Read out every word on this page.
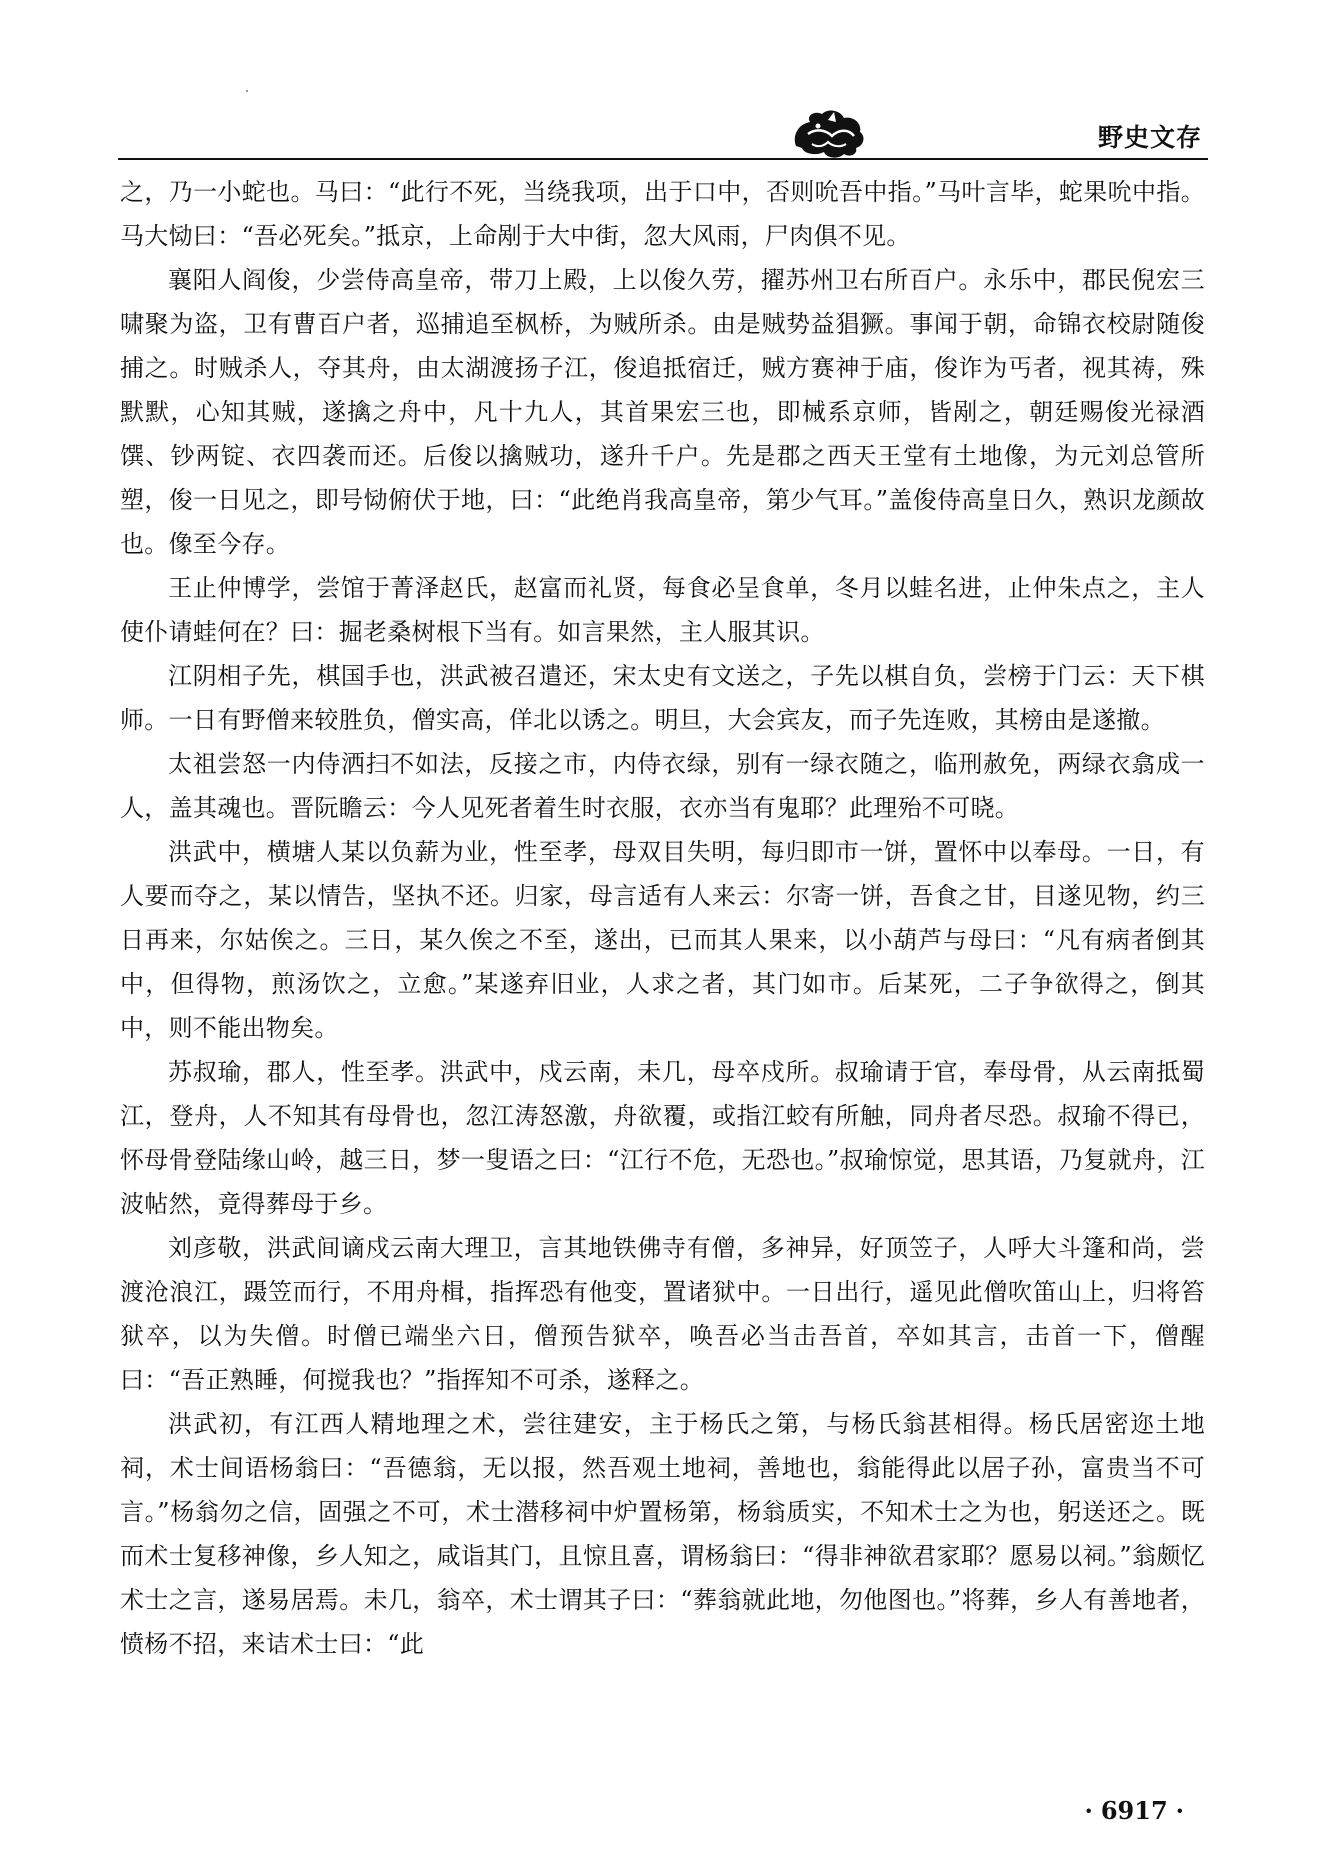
野史文存

之，乃一小蛇也。马曰：“此行不死，当绕我项，出于口中，否则吮吾中指。”马叶言毕，蛇果吮中指。马大恸曰：“吾必死矣。”抵京，上命剐于大中街，忽大风雨，尸肉俱不见。

襄阳人阎俊，少尝侍高皇帝，带刀上殿，上以俊久劳，擢苏州卫右所百户。永乐中，郡民倪宏三啸聚为盗，卫有曹百户者，巡捕追至枫桥，为贼所杀。由是贼势益猖獗。事闻于朝，命锦衣校尉随俊捕之。时贼杀人，夺其舟，由太湖渡扬子江，俊追抵宿迁，贼方赛神于庙，俊诈为丐者，视其祷，殊默默，心知其贼，遂擒之舟中，凡十九人，其首果宏三也，即械系京师，皆剐之，朝廷赐俊光禄酒馔、钞两锭、衣四袭而还。后俊以擒贼功，遂升千户。先是郡之西天王堂有土地像，为元刘总管所塑，俊一日见之，即号恸俯伏于地，曰：“此绝肖我高皇帝，第少气耳。”盖俊侍高皇日久，熟识龙颜故也。像至今存。

王止仲博学，尝馆于菁泽赵氏，赵富而礼贤，每食必呈食单，冬月以蛙名进，止仲朱点之，主人使仆请蛙何在？曰：掘老桑树根下当有。如言果然，主人服其识。

江阴相子先，棋国手也，洪武被召遣还，宋太史有文送之，子先以棋自负，尝榜于门云：天下棋师。一日有野僧来较胜负，僧实高，佯北以诱之。明旦，大会宾友，而子先连败，其榜由是遂撤。

太祖尝怒一内侍洒扫不如法，反接之市，内侍衣绿，别有一绿衣随之，临刑赦免，两绿衣翕成一人，盖其魂也。晋阮瞻云：今人见死者着生时衣服，衣亦当有鬼耶？此理殆不可晓。

洪武中，横塘人某以负薪为业，性至孝，母双目失明，每归即市一饼，置怀中以奉母。一日，有人要而夺之，某以情告，坚执不还。归家，母言适有人来云：尔寄一饼，吾食之甘，目遂见物，约三日再来，尔姑俟之。三日，某久俟之不至，遂出，已而其人果来，以小葫芦与母曰：“凡有病者倒其中，但得物，煎汤饮之，立愈。”某遂弃旧业，人求之者，其门如市。后某死，二子争欲得之，倒其中，则不能出物矣。

苏叔瑜，郡人，性至孝。洪武中，戍云南，未几，母卒戍所。叔瑜请于官，奉母骨，从云南抵蜀江，登舟，人不知其有母骨也，忽江涛怒激，舟欲覆，或指江蛟有所触，同舟者尽恐。叔瑜不得已，怀母骨登陆缘山岭，越三日，梦一叟语之曰：“江行不危，无恐也。”叔瑜惊觉，思其语，乃复就舟，江波帖然，竟得葬母于乡。

刘彦敬，洪武间谪戍云南大理卫，言其地铁佛寺有僧，多神异，好顶笠子，人呼大斗篷和尚，尝渡沧浪江，蹑笠而行，不用舟楫，指挥恐有他变，置诸狱中。一日出行，遥见此僧吹笛山上，归将笞狱卒，以为失僧。时僧已端坐六日，僧预告狱卒，唤吾必当击吾首，卒如其言，击首一下，僧醒曰：“吾正熟睡，何搅我也？”指挥知不可杀，遂释之。

洪武初，有江西人精地理之术，尝往建安，主于杨氏之第，与杨氏翁甚相得。杨氏居密迩土地祠，术士间语杨翁曰：“吾德翁，无以报，然吾观土地祠，善地也，翁能得此以居子孙，富贵当不可言。”杨翁勿之信，固强之不可，术士潜移祠中炉置杨第，杨翁质实，不知术士之为也，躬送还之。既而术士复移神像，乡人知之，咸诣其门，且惊且喜，谓杨翁曰：“得非神欲君家耶？愿易以祠。”翁颇忆术士之言，遂易居焉。未几，翁卒，术士谓其子曰：“葬翁就此地，勿他图也。”将葬，乡人有善地者，愤杨不招，来诘术士曰：“此

· 6917 ·
